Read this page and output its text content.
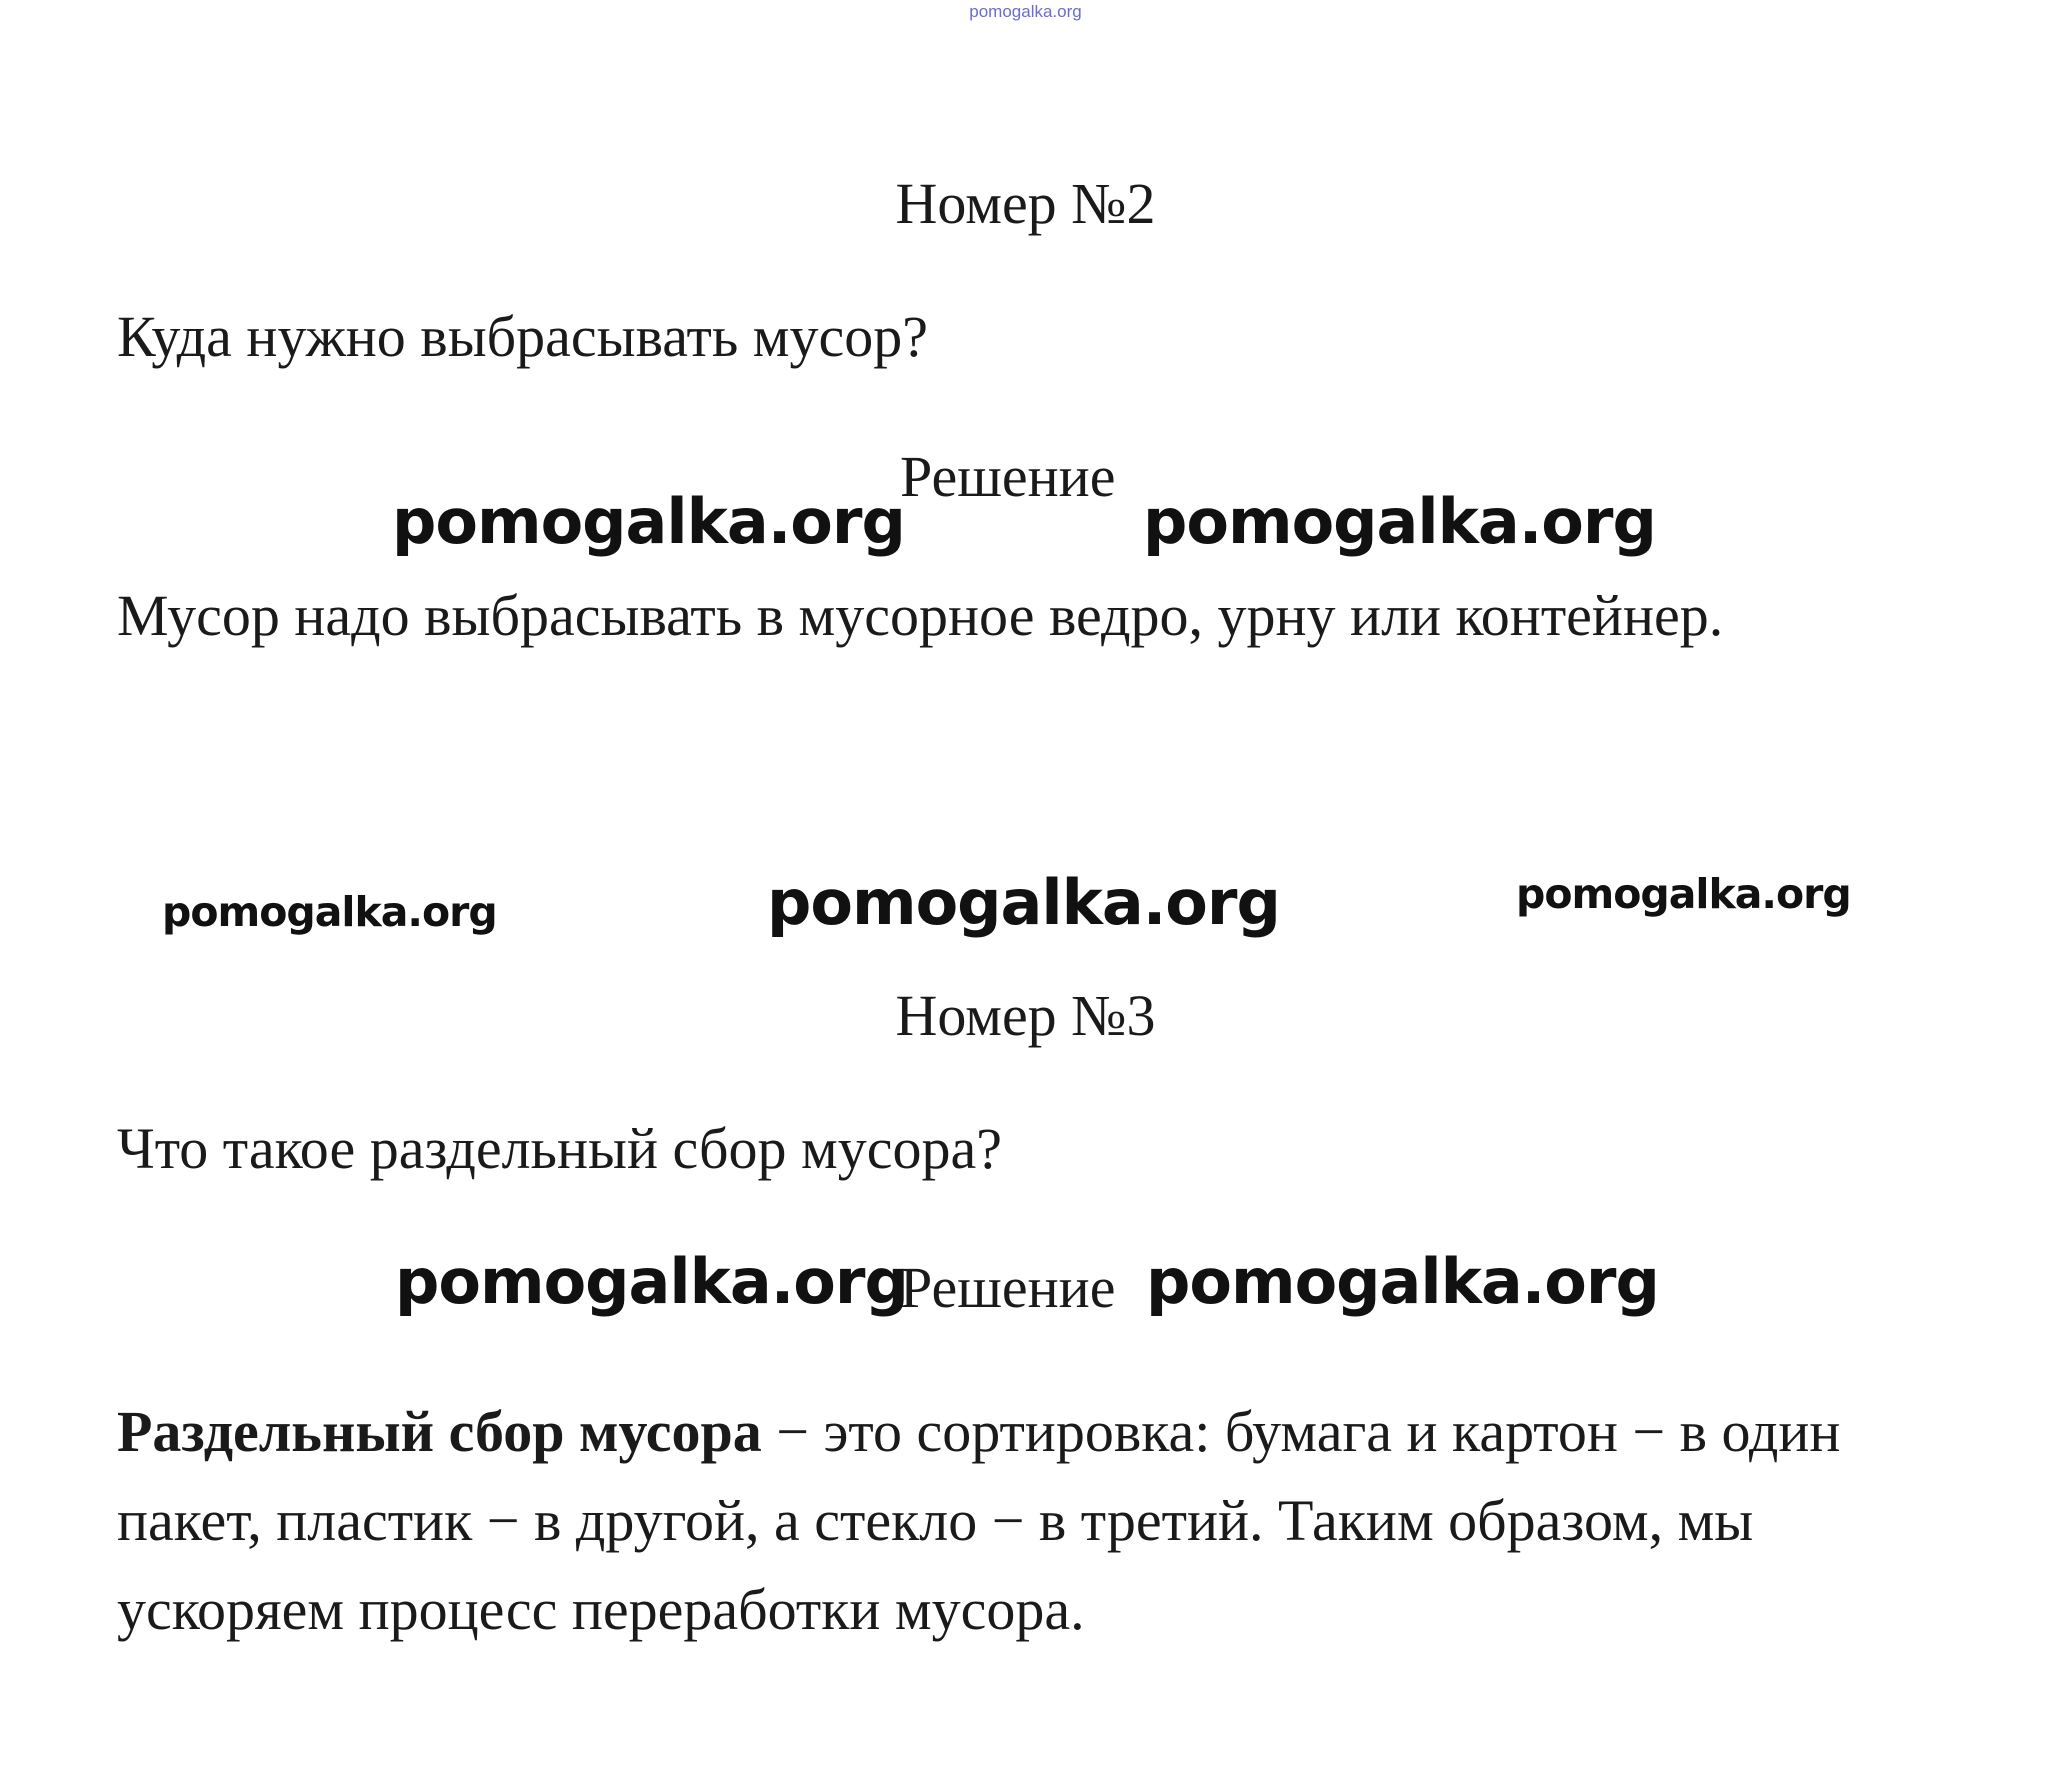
pomogalka.org
Номер №2
Куда нужно выбрасывать мусор?
Решение
pomogalka.org	pomogalka.org
Мусор надо выбрасывать в мусорное ведро, урну или контейнер.
pomogalka.org	pomogalka.org	pomogalka.org
Номер №3
Что такое раздельный сбор мусора?
pomogalka.org
Решение pomogalka.org
Раздельный сбор мусора − это сортировка: бумага и картон − в один пакет, пластик − в другой, а стекло − в третий. Таким образом, мы ускоряем процесс переработки мусора.
